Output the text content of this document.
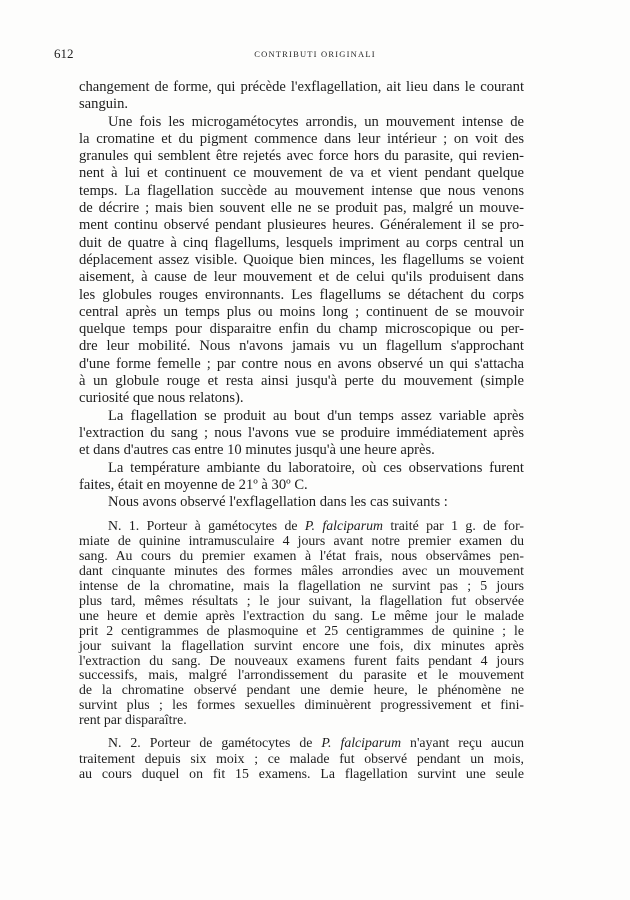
612	CONTRIBUTI ORIGINALI
changement de forme, qui précède l'exflagellation, ait lieu dans le courant
sanguin.
Une fois les microgamétocytes arrondis, un mouvement intense de
la cromatine et du pigment commence dans leur intérieur ; on voit des
granules qui semblent être rejetés avec force hors du parasite, qui revien-
nent à lui et continuent ce mouvement de va et vient pendant quelque
temps. La flagellation succède au mouvement intense que nous venons
de décrire ; mais bien souvent elle ne se produit pas, malgré un mouve-
ment continu observé pendant plusieures heures. Généralement il se pro-
duit de quatre à cinq flagellums, lesquels impriment au corps central un
déplacement assez visible. Quoique bien minces, les flagellums se voient
aisement, à cause de leur mouvement et de celui qu'ils produisent dans
les globules rouges environnants. Les flagellums se détachent du corps
central après un temps plus ou moins long ; continuent de se mouvoir
quelque temps pour disparaitre enfin du champ microscopique ou per-
dre leur mobilité. Nous n'avons jamais vu un flagellum s'approchant
d'une forme femelle ; par contre nous en avons observé un qui s'attacha
à un globule rouge et resta ainsi jusqu'à perte du mouvement (simple
curiosité que nous relatons).
La flagellation se produit au bout d'un temps assez variable après
l'extraction du sang ; nous l'avons vue se produire immédiatement après
et dans d'autres cas entre 10 minutes jusqu'à une heure après.
La température ambiante du laboratoire, où ces observations furent
faites, était en moyenne de 21º à 30º C.
Nous avons observé l'exflagellation dans les cas suivants :
N. 1. Porteur à gamétocytes de P. falciparum traité par 1 g. de for-
miate de quinine intramusculaire 4 jours avant notre premier examen du
sang. Au cours du premier examen à l'état frais, nous observâmes pen-
dant cinquante minutes des formes mâles arrondies avec un mouvement
intense de la chromatine, mais la flagellation ne survint pas ; 5 jours
plus tard, mêmes résultats ; le jour suivant, la flagellation fut observée
une heure et demie après l'extraction du sang. Le même jour le malade
prit 2 centigrammes de plasmoquine et 25 centigrammes de quinine ; le
jour suivant la flagellation survint encore une fois, dix minutes après
l'extraction du sang. De nouveaux examens furent faits pendant 4 jours
successifs, mais, malgré l'arrondissement du parasite et le mouvement
de la chromatine observé pendant une demie heure, le phénomène ne
survint plus ; les formes sexuelles diminuèrent progressivement et fini-
rent par disparaître.
N. 2. Porteur de gamétocytes de P. falciparum n'ayant reçu aucun
traitement depuis six moix ; ce malade fut observé pendant un mois,
au cours duquel on fit 15 examens. La flagellation survint une seule
